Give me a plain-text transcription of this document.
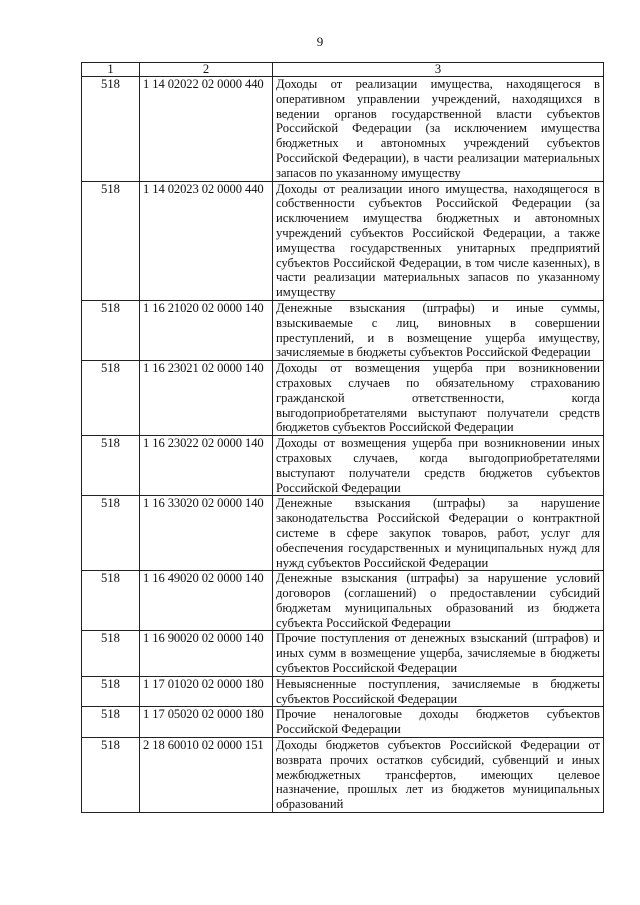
9
1	2	3
518	1 14 02022 02 0000 440	Доходы от реализации имущества, находящегося в оперативном управлении учреждений, находящихся в ведении органов государственной власти субъектов Российской Федерации (за исключением имущества бюджетных и автономных учреждений субъектов Российской Федерации), в части реализации материальных запасов по указанному имуществу
518	1 14 02023 02 0000 440	Доходы от реализации иного имущества, находящегося в собственности субъектов Российской Федерации (за исключением имущества бюджетных и автономных учреждений субъектов Российской Федерации, а также имущества государственных унитарных предприятий субъектов Российской Федерации, в том числе казенных), в части реализации материальных запасов по указанному имуществу
518	1 16 21020 02 0000 140	Денежные взыскания (штрафы) и иные суммы, взыскиваемые с лиц, виновных в совершении преступлений, и в возмещение ущерба имуществу, зачисляемые в бюджеты субъектов Российской Федерации
518	1 16 23021 02 0000 140	Доходы от возмещения ущерба при возникновении страховых случаев по обязательному страхованию гражданской ответственности, когда выгодоприобретателями выступают получатели средств бюджетов субъектов Российской Федерации
518	1 16 23022 02 0000 140	Доходы от возмещения ущерба при возникновении иных страховых случаев, когда выгодоприобретателями выступают получатели средств бюджетов субъектов Российской Федерации
518	1 16 33020 02 0000 140	Денежные взыскания (штрафы) за нарушение законодательства Российской Федерации о контрактной системе в сфере закупок товаров, работ, услуг для обеспечения государственных и муниципальных нужд для нужд субъектов Российской Федерации
518	1 16 49020 02 0000 140	Денежные взыскания (штрафы) за нарушение условий договоров (соглашений) о предоставлении субсидий бюджетам муниципальных образований из бюджета субъекта Российской Федерации
518	1 16 90020 02 0000 140	Прочие поступления от денежных взысканий (штрафов) и иных сумм в возмещение ущерба, зачисляемые в бюджеты субъектов Российской Федерации
518	1 17 01020 02 0000 180	Невыясненные поступления, зачисляемые в бюджеты субъектов Российской Федерации
518	1 17 05020 02 0000 180	Прочие неналоговые доходы бюджетов субъектов Российской Федерации
518	2 18 60010 02 0000 151	Доходы бюджетов субъектов Российской Федерации от возврата прочих остатков субсидий, субвенций и иных межбюджетных трансфертов, имеющих целевое назначение, прошлых лет из бюджетов муниципальных образований
